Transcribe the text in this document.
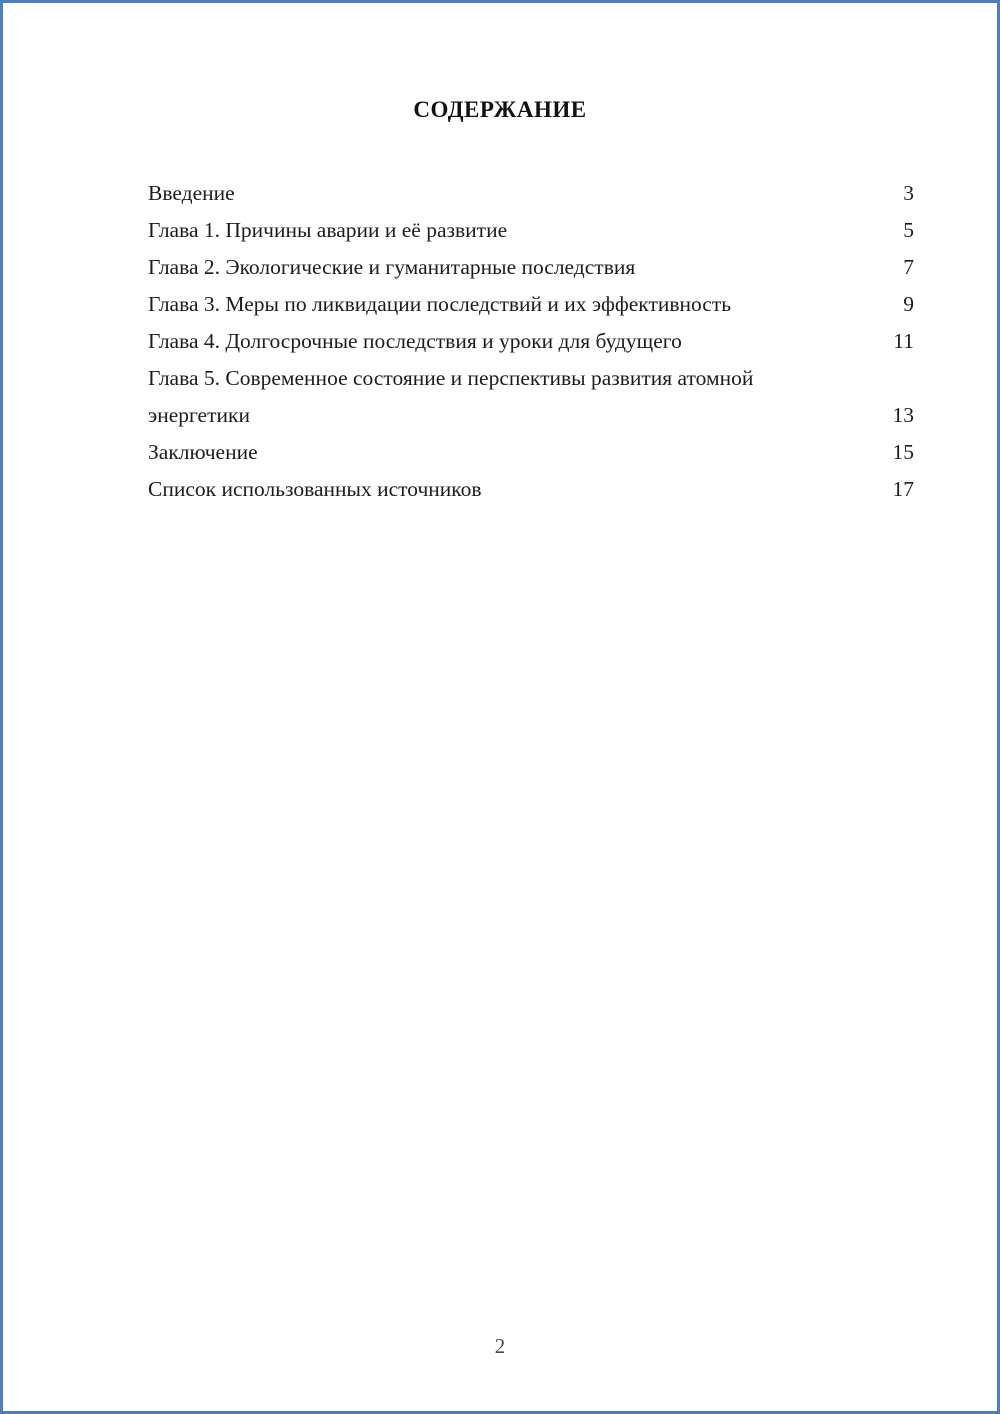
СОДЕРЖАНИЕ
Введение	3
Глава 1. Причины аварии и её развитие	5
Глава 2. Экологические и гуманитарные последствия	7
Глава 3. Меры по ликвидации последствий и их эффективность	9
Глава 4. Долгосрочные последствия и уроки для будущего	11
Глава 5. Современное состояние и перспективы развития атомной энергетики	13
Заключение	15
Список использованных источников	17
2
